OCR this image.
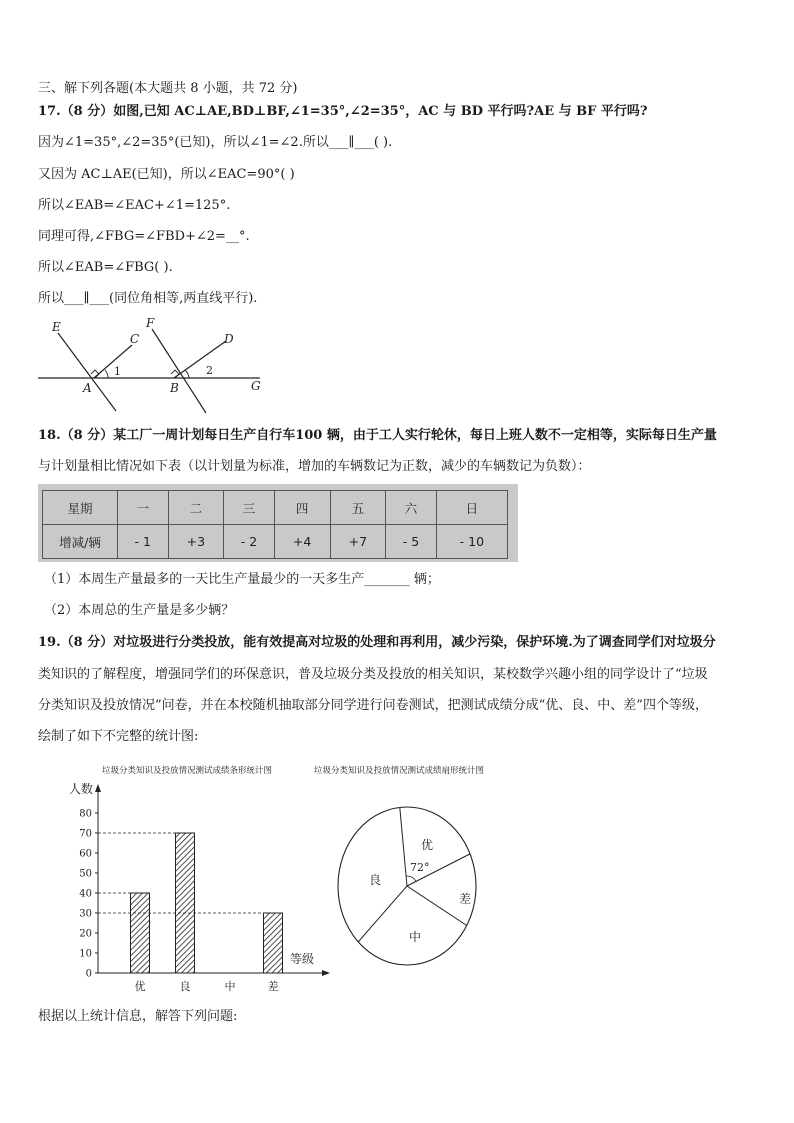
三、解下列各题(本大题共 8 小题，共 72 分)
17.（8 分）如图,已知 AC⊥AE,BD⊥BF,∠1=35°,∠2=35°，AC 与 BD 平行吗?AE 与 BF 平行吗?
因为∠1=35°,∠2=35°(已知)，所以∠1=∠2.所以___∥___( ).
又因为 AC⊥AE(已知)，所以∠EAC=90°( )
所以∠EAB=∠EAC+∠1=125°.
同理可得,∠FBG=∠FBD+∠2=__°.
所以∠EAB=∠FBG( ).
所以___∥___(同位角相等,两直线平行).
E
C
A
F
D
B	G
1	2
18.（8 分）某工厂一周计划每日生产自行车100 辆，由于工人实行轮休，每日上班人数不一定相等，实际每日生产量
与计划量相比情况如下表（以计划量为标准，增加的车辆数记为正数，减少的车辆数记为负数）：
星期	一	二	三	四	五	六	日
增减/辆	- 1	+3	- 2	+4	+7	- 5	- 10
（1）本周生产量最多的一天比生产量最少的一天多生产_______ 辆；
（2）本周总的生产量是多少辆？
19.（8 分）对垃圾进行分类投放，能有效提高对垃圾的处理和再利用，减少污染，保护环境.为了调查同学们对垃圾分
类知识的了解程度，增强同学们的环保意识，普及垃圾分类及投放的相关知识，某校数学兴趣小组的同学设计了“垃圾
分类知识及投放情况”问卷，并在本校随机抽取部分同学进行问卷测试，把测试成绩分成“优、良、中、差”四个等级，
绘制了如下不完整的统计图:
垃圾分类知识及投放情况测试成绩条形统计图
人数
等级
0
10
20
30
40
50
60
70
80
优	良	中	差
垃圾分类知识及投放情况测试成绩扇形统计图
72°
优
差
中
良
根据以上统计信息，解答下列问题:
